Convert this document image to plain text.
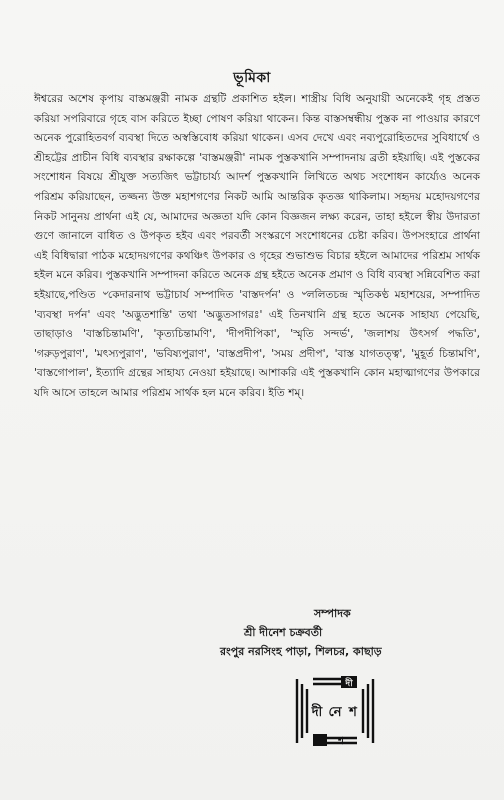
ভূমিকা

ঈশ্বরের অশেষ কৃপায় বাস্তমঞ্জরী নামক গ্রন্থটি প্রকাশিত হইল। শাস্ত্রীয় বিধি অনুযায়ী অনেকেই গৃহ প্রস্তত করিয়া সপরিবারে গৃহে বাস করিতে ইচ্ছা পোষণ করিয়া থাকেন। কিন্ত বাস্তসম্বন্ধীয় পুস্তক না পাওয়ার কারণে অনেক পুরোহিতবর্গ ব্যবস্থা দিতে অস্বস্তিবোধ করিয়া থাকেন। এসব দেখে এবং নব্যপুরোহিতদের সুবিধার্থে ও শ্রীহট্টের প্রাচীন বিধি ব্যবস্থার রক্ষাকল্পে 'বাস্তমঞ্জরী' নামক পুস্তকখানি সম্পাদনায় ব্রতী হইয়াছি। এই পুস্তকের সংশোধন বিষয়ে শ্রীযুক্ত সত্যজিৎ ভট্টাচার্য্য আদর্শ পুস্তকখানি লিখিতে অথচ সংশোধন কার্য্যেও অনেক পরিশ্রম করিয়াছেন, তজ্জন্য উক্ত মহাশগণের নিকট আমি আন্তরিক কৃতজ্ঞ থাকিলাম। সহৃদয় মহোদয়গণের নিকট সানুনয় প্রার্থনা এই যে, আমাদের অজ্ঞতা যদি কোন বিজ্ঞজন লক্ষ্য করেন, তাহা হইলে স্বীয় উদারতা গুণে জানালে বাধিত ও উপকৃত হইব এবং পরবর্তী সংস্করণে সংশোধনের চেষ্টা করিব। উপসংহারে প্রার্থনা এই বিধিদ্বারা পাঠক মহোদয়গণের কথঞ্চিৎ উপকার ও গৃহের শুভাশুভ বিচার হইলে আমাদের পরিশ্রম সার্থক হইল মনে করিব। পুস্তকখানি সম্পাদনা করিতে অনেক গ্রন্থ হইতে অনেক প্রমাণ ও বিধি ব্যবস্থা সন্নিবেশিত করা হইয়াছে,পণ্ডিত ৺কেদারনাথ ভট্টাচার্য সম্পাদিত 'বাস্তদর্পন' ও ৺ললিতচন্দ্র স্মৃতিকণ্ঠ মহাশয়ের, সম্পাদিত 'ব্যবস্থা দর্পন' এবং 'অদ্ভুতশান্তি' তথা 'অদ্ভুতসাগরঃ' এই তিনখানি গ্রন্থ হতে অনেক সাহায্য পেয়েছি, তাছাড়াও 'বাস্তচিন্তামণি', 'কৃত্যচিন্তামণি', 'দীপদীপিকা', 'স্মৃতি সন্দর্ভ', 'জলাশয় উৎসর্গ পদ্ধতি', 'গরুড়পুরাণ', 'মৎস্যপুরাণ', 'ভবিষ্যপুরাণ', 'বাস্তপ্রদীপ', 'সময় প্রদীপ', 'বাস্ত যাগতত্ত্ব', 'মুহূর্ত চিন্তামণি', 'বাস্তগোপাল', ইত্যাদি গ্রন্থের সাহায্য নেওয়া হইয়াছে। আশাকরি এই পুস্তকখানি কোন মহাত্মাগণের উপকারে যদি আসে তাহলে আমার পরিশ্রম সার্থক হল মনে করিব। ইতি শম্।

সম্পাদক
শ্রী দীনেশ চক্রবর্তী
রংপুর নরসিংহ পাড়া, শিলচর, কাছাড়
দী
দী নে শ
শ
